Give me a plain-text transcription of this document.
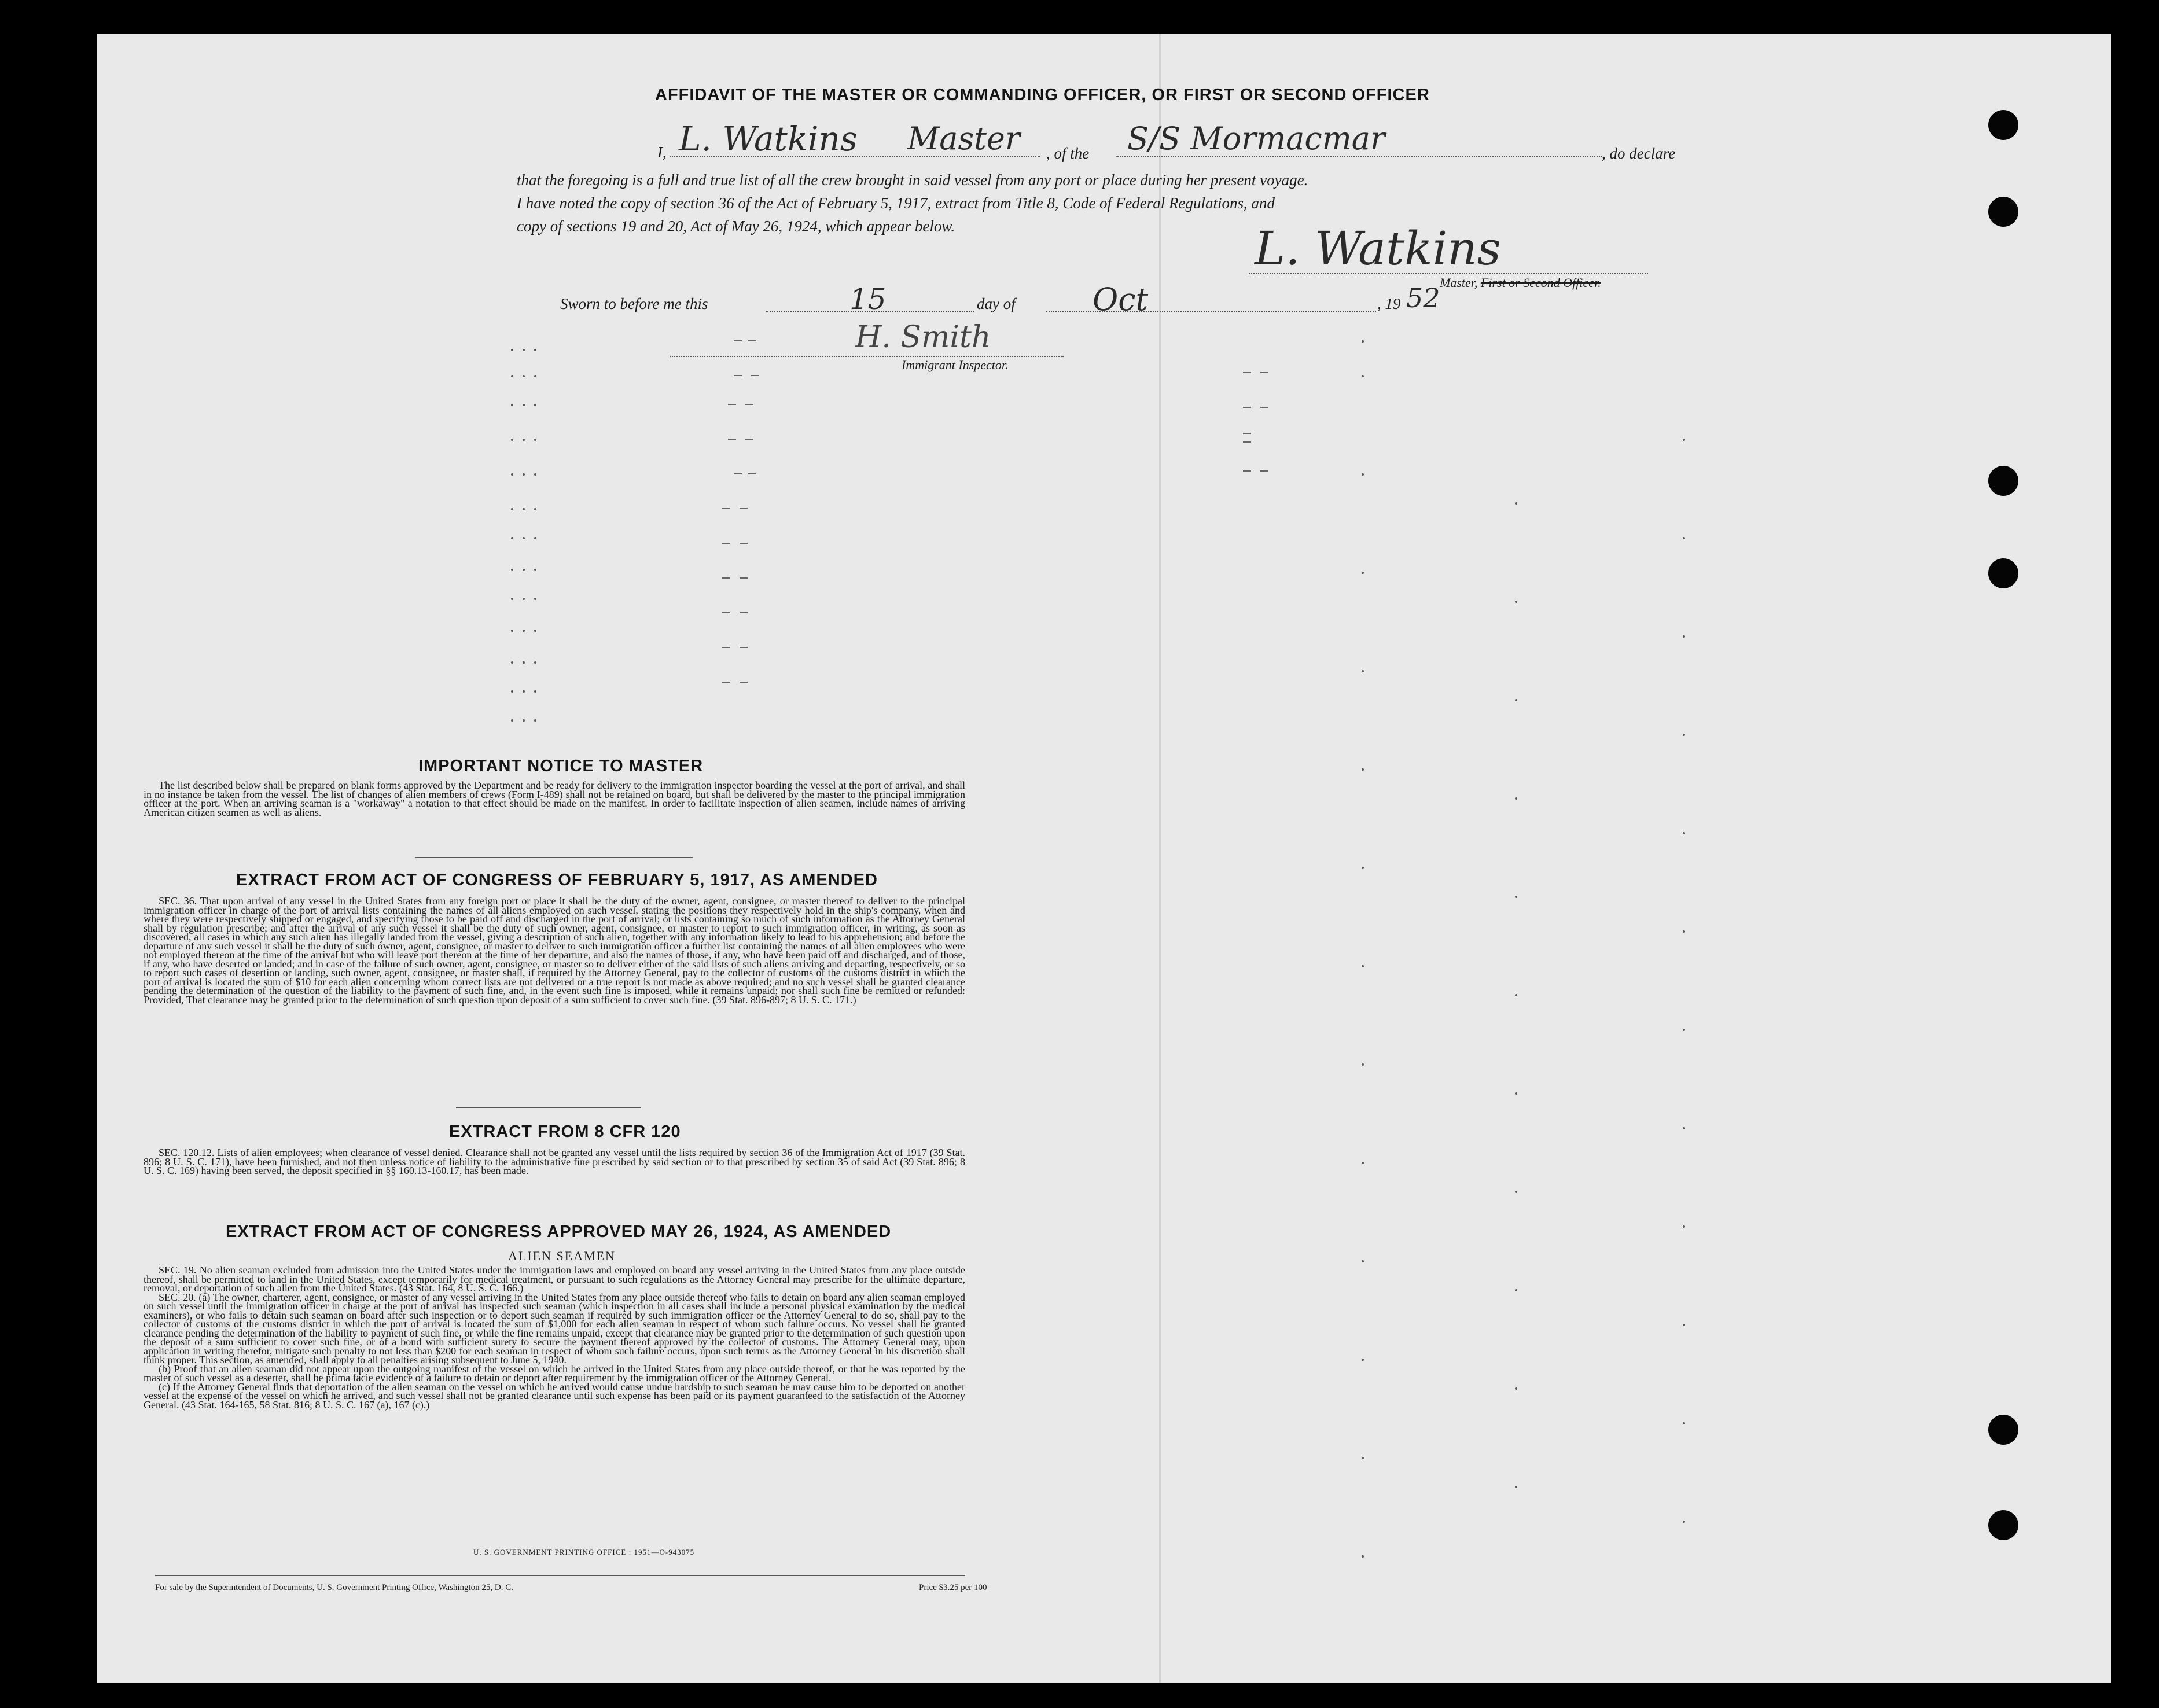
AFFIDAVIT OF THE MASTER OR COMMANDING OFFICER, OR FIRST OR SECOND OFFICER
I, L. Watkins Master , of the S/S Mormacmar	, do declare
that the foregoing is a full and true list of all the crew brought in said vessel from any port or place during her present voyage.
I have noted the copy of section 36 of the Act of February 5, 1917, extract from Title 8, Code of Federal Regulations, and
copy of sections 19 and 20, Act of May 26, 1924, which appear below.	L. Watkins
Master, First or Second Officer.
Sworn to before me this	15	day of Oct	, 19 52
H. Smith
Immigrant Inspector.
IMPORTANT NOTICE TO MASTER

The list described below shall be prepared on blank forms approved by the Department and be ready for delivery to the immigration inspector boarding the vessel at the port of arrival, and shall in no instance be taken from the vessel. The list of changes of alien members of crews (Form I-489) shall not be retained on board, but shall be delivered by the master to the principal immigration officer at the port. When an arriving seaman is a "workaway" a notation to that effect should be made on the manifest. In order to facilitate inspection of alien seamen, include names of arriving American citizen seamen as well as aliens.

EXTRACT FROM ACT OF CONGRESS OF FEBRUARY 5, 1917, AS AMENDED

SEC. 36. That upon arrival of any vessel in the United States from any foreign port or place it shall be the duty of the owner, agent, consignee, or master thereof to deliver to the principal immigration officer in charge of the port of arrival lists containing the names of all aliens employed on such vessel, stating the positions they respectively hold in the ship's company, when and where they were respectively shipped or engaged, and specifying those to be paid off and discharged in the port of arrival; or lists containing so much of such information as the Attorney General shall by regulation prescribe; and after the arrival of any such vessel it shall be the duty of such owner, agent, consignee, or master to report to such immigration officer, in writing, as soon as discovered, all cases in which any such alien has illegally landed from the vessel, giving a description of such alien, together with any information likely to lead to his apprehension; and before the departure of any such vessel it shall be the duty of such owner, agent, consignee, or master to deliver to such immigration officer a further list containing the names of all alien employees who were not employed thereon at the time of the arrival but who will leave port thereon at the time of her departure, and also the names of those, if any, who have been paid off and discharged, and of those, if any, who have deserted or landed; and in case of the failure of such owner, agent, consignee, or master so to deliver either of the said lists of such aliens arriving and departing, respectively, or so to report such cases of desertion or landing, such owner, agent, consignee, or master shall, if required by the Attorney General, pay to the collector of customs of the customs district in which the port of arrival is located the sum of $10 for each alien concerning whom correct lists are not delivered or a true report is not made as above required; and no such vessel shall be granted clearance pending the determination of the question of the liability to the payment of such fine, and, in the event such fine is imposed, while it remains unpaid; nor shall such fine be remitted or refunded: Provided, That clearance may be granted prior to the determination of such question upon deposit of a sum sufficient to cover such fine. (39 Stat. 896-897; 8 U. S. C. 171.)

EXTRACT FROM 8 CFR 120

SEC. 120.12. Lists of alien employees; when clearance of vessel denied. Clearance shall not be granted any vessel until the lists required by section 36 of the Immigration Act of 1917 (39 Stat. 896; 8 U. S. C. 171), have been furnished, and not then unless notice of liability to the administrative fine prescribed by said section or to that prescribed by section 35 of said Act (39 Stat. 896; 8 U. S. C. 169) having been served, the deposit specified in §§ 160.13-160.17, has been made.

EXTRACT FROM ACT OF CONGRESS APPROVED MAY 26, 1924, AS AMENDED
ALIEN SEAMEN

SEC. 19. No alien seaman excluded from admission into the United States under the immigration laws and employed on board any vessel arriving in the United States from any place outside thereof, shall be permitted to land in the United States, except temporarily for medical treatment, or pursuant to such regulations as the Attorney General may prescribe for the ultimate departure, removal, or deportation of such alien from the United States. (43 Stat. 164, 8 U. S. C. 166.)

SEC. 20. (a) The owner, charterer, agent, consignee, or master of any vessel arriving in the United States from any place outside thereof who fails to detain on board any alien seaman employed on such vessel until the immigration officer in charge at the port of arrival has inspected such seaman (which inspection in all cases shall include a personal physical examination by the medical examiners), or who fails to detain such seaman on board after such inspection or to deport such seaman if required by such immigration officer or the Attorney General to do so, shall pay to the collector of customs of the customs district in which the port of arrival is located the sum of $1,000 for each alien seaman in respect of whom such failure occurs. No vessel shall be granted clearance pending the determination of the liability to payment of such fine, or while the fine remains unpaid, except that clearance may be granted prior to the determination of such question upon the deposit of a sum sufficient to cover such fine, or of a bond with sufficient surety to secure the payment thereof approved by the collector of customs. The Attorney General may, upon application in writing therefor, mitigate such penalty to not less than $200 for each seaman in respect of whom such failure occurs, upon such terms as the Attorney General in his discretion shall think proper. This section, as amended, shall apply to all penalties arising subsequent to June 5, 1940.

(b) Proof that an alien seaman did not appear upon the outgoing manifest of the vessel on which he arrived in the United States from any place outside thereof, or that he was reported by the master of such vessel as a deserter, shall be prima facie evidence of a failure to detain or deport after requirement by the immigration officer or the Attorney General.

(c) If the Attorney General finds that deportation of the alien seaman on the vessel on which he arrived would cause undue hardship to such seaman he may cause him to be deported on another vessel at the expense of the vessel on which he arrived, and such vessel shall not be granted clearance until such expense has been paid or its payment guaranteed to the satisfaction of the Attorney General. (43 Stat. 164-165, 58 Stat. 816; 8 U. S. C. 167 (a), 167 (c).)

U. S. GOVERNMENT PRINTING OFFICE : 1951—O-943075
For sale by the Superintendent of Documents, U. S. Government Printing Office, Washington 25, D. C.	Price $3.25 per 100
